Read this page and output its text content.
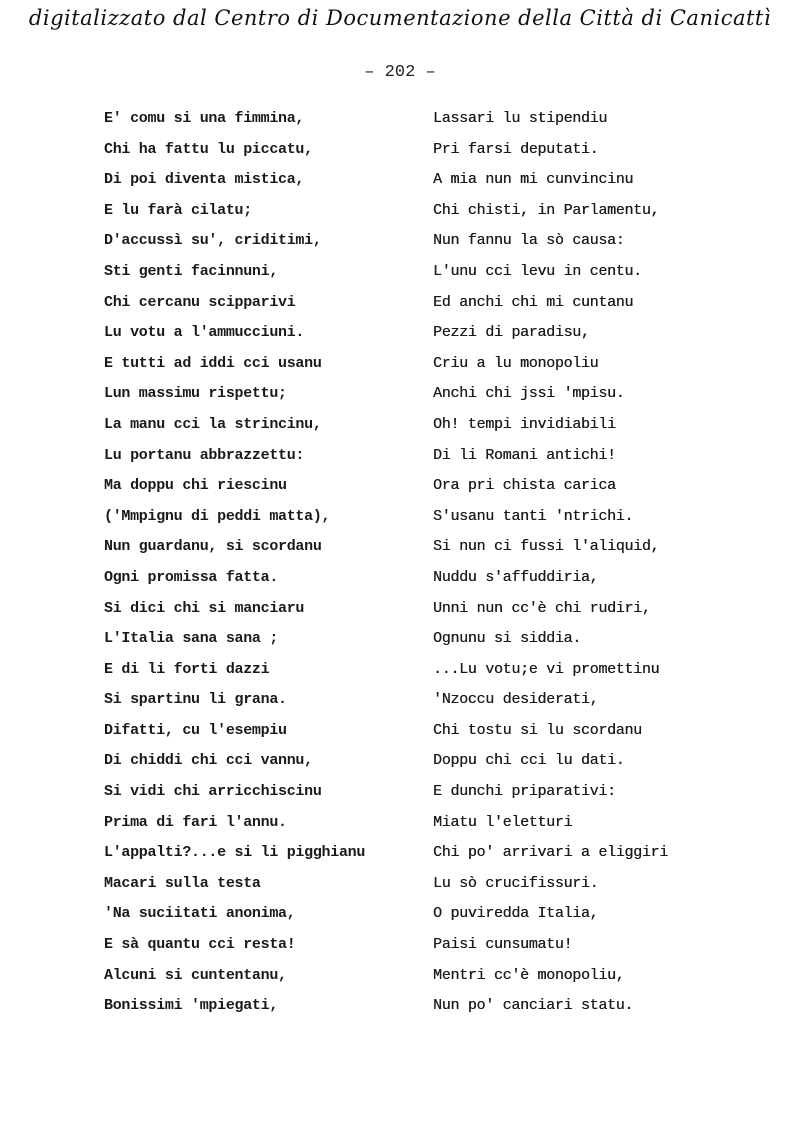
digitalizzato dal Centro di Documentazione della Città di Canicattì
– 202 –
E' comu si una fimmina,
Chi ha fattu lu piccatu,
Di poi diventa mistica,
E lu farà cilatu;
D'accussì su', criditimi,
Sti genti facinnuni,
Chi cercanu scipparivi
Lu votu a l'ammucciuni.
E tutti ad iddi cci usanu
Lun massimu rispettu;
La manu cci la strincinu,
Lu portanu abbrazzettu:
Ma doppu chi riescinu
('Mmpignu di peddi matta),
Nun guardanu, si scordanu
Ogni promissa fatta.
Si dici chi si manciaru
L'Italia sana sana ;
E di li forti dazzi
Si spartinu li grana.
Difatti, cu l'esempiu
Di chiddi chi cci vannu,
Si vidi chi arricchiscinu
Prima di fari l'annu.
L'appalti?...e si li pigghianu
Macari sulla testa
'Na suciitati anonima,
E sà quantu cci resta!
Alcuni si cuntentanu,
Bonissimi 'mpiegati,
Lassari lu stipendiu
Pri farsi deputati.
A mia nun mi cunvincinu
Chi chisti, in Parlamentu,
Nun fannu la sò causa:
L'unu cci levu in centu.
Ed anchi chi mi cuntanu
Pezzi di paradisu,
Criu a lu monopoliu
Anchi chi jssi 'mpisu.
Oh! tempi invidiabili
Di li Romani antichi!
Ora pri chista carica
S'usanu tanti 'ntrichi.
Si nun ci fussi l'aliquid,
Nuddu s'affuddiria,
Unni nun cc'è chi rudiri,
Ognunu si siddia.
...Lu votu;e vi promettinu
'Nzoccu desiderati,
Chi tostu si lu scordanu
Doppu chi cci lu dati.
E dunchi priparativi:
Miatu l'eletturi
Chi po' arrivari a eliggiri
Lu sò crucifissuri.
O puviredda Italia,
Paisi cunsumatu!
Mentri cc'è monopoliu,
Nun po' canciari statu.
